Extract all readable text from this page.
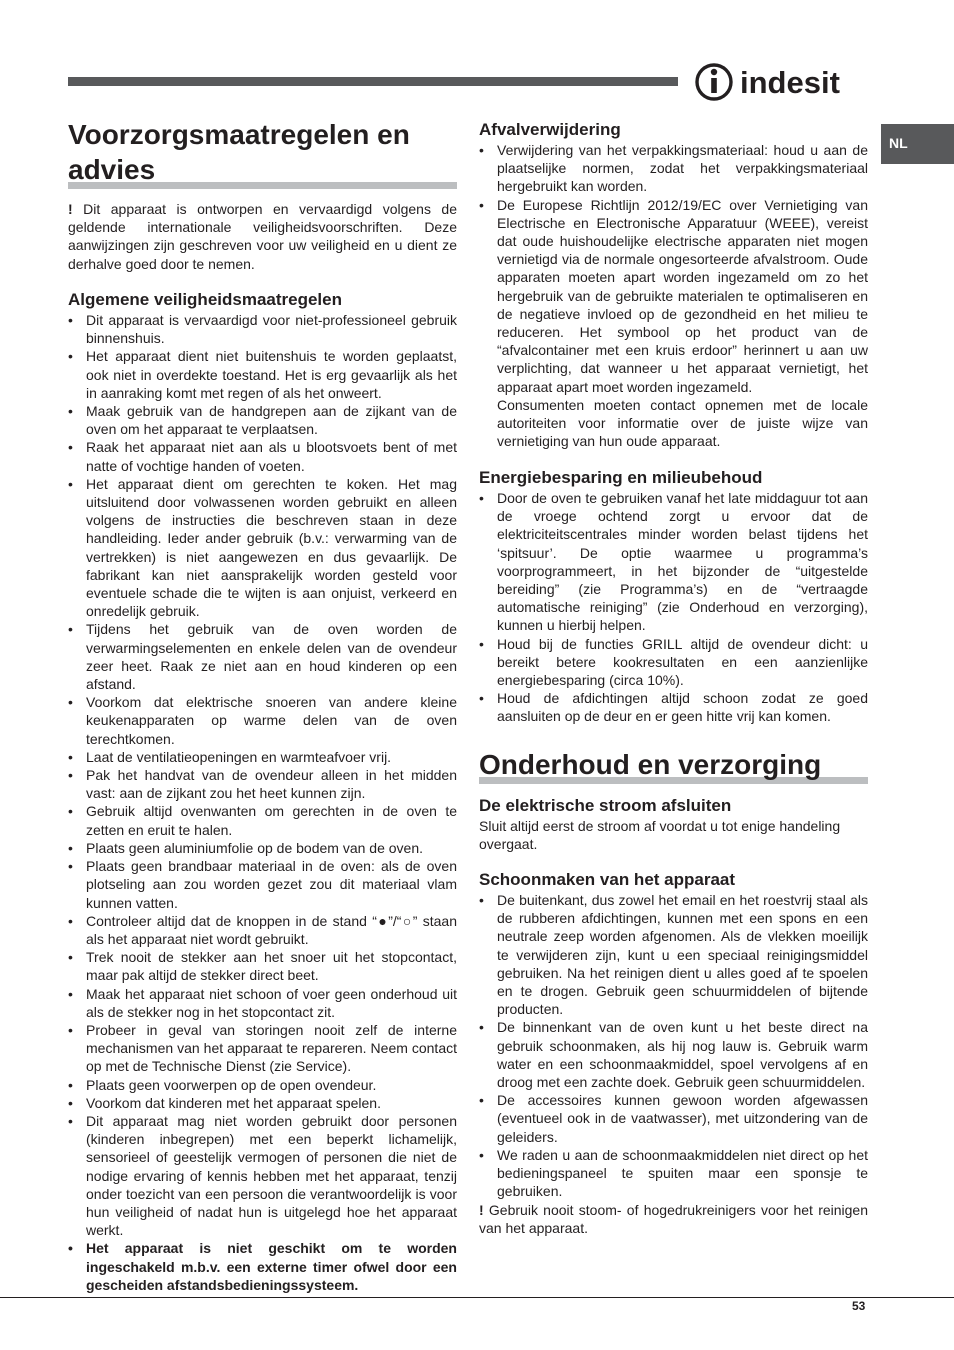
indesit
NL
Voorzorgsmaatregelen en advies

! Dit apparaat is ontworpen en vervaardigd volgens de geldende internationale veiligheidsvoorschriften. Deze aanwijzingen zijn geschreven voor uw veiligheid en u dient ze derhalve goed door te nemen.

Algemene veiligheidsmaatregelen
• Dit apparaat is vervaardigd voor niet-professioneel gebruik binnenshuis.
• Het apparaat dient niet buitenshuis te worden geplaatst, ook niet in overdekte toestand. Het is erg gevaarlijk als het in aanraking komt met regen of als het onweert.
• Maak gebruik van de handgrepen aan de zijkant van de oven om het apparaat te verplaatsen.
• Raak het apparaat niet aan als u blootsvoets bent of met natte of vochtige handen of voeten.
• Het apparaat dient om gerechten te koken. Het mag uitsluitend door volwassenen worden gebruikt en alleen volgens de instructies die beschreven staan in deze handleiding. Ieder ander gebruik (b.v.: verwarming van de vertrekken) is niet aangewezen en dus gevaarlijk. De fabrikant kan niet aansprakelijk worden gesteld voor eventuele schade die te wijten is aan onjuist, verkeerd en onredelijk gebruik.
• Tijdens het gebruik van de oven worden de verwarmingselementen en enkele delen van de ovendeur zeer heet. Raak ze niet aan en houd kinderen op een afstand.
• Voorkom dat elektrische snoeren van andere kleine keukenapparaten op warme delen van de oven terechtkomen.
• Laat de ventilatieopeningen en warmteafvoer vrij.
• Pak het handvat van de ovendeur alleen in het midden vast: aan de zijkant zou het heet kunnen zijn.
• Gebruik altijd ovenwanten om gerechten in de oven te zetten en eruit te halen.
• Plaats geen aluminiumfolie op de bodem van de oven.
• Plaats geen brandbaar materiaal in de oven: als de oven plotseling aan zou worden gezet zou dit materiaal vlam kunnen vatten.
• Controleer altijd dat de knoppen in de stand “●”/“○” staan als het apparaat niet wordt gebruikt.
• Trek nooit de stekker aan het snoer uit het stopcontact, maar pak altijd de stekker direct beet.
• Maak het apparaat niet schoon of voer geen onderhoud uit als de stekker nog in het stopcontact zit.
• Probeer in geval van storingen nooit zelf de interne mechanismen van het apparaat te repareren. Neem contact op met de Technische Dienst (zie Service).
• Plaats geen voorwerpen op de open ovendeur.
• Voorkom dat kinderen met het apparaat spelen.
• Dit apparaat mag niet worden gebruikt door personen (kinderen inbegrepen) met een beperkt lichamelijk, sensorieel of geestelijk vermogen of personen die niet de nodige ervaring of kennis hebben met het apparaat, tenzij onder toezicht van een persoon die verantwoordelijk is voor hun veiligheid of nadat hun is uitgelegd hoe het apparaat werkt.
• Het apparaat is niet geschikt om te worden ingeschakeld m.b.v. een externe timer ofwel door een gescheiden afstandsbedieningssysteem.
Afvalverwijdering
• Verwijdering van het verpakkingsmateriaal: houd u aan de plaatselijke normen, zodat het verpakkingsmateriaal hergebruikt kan worden.
• De Europese Richtlijn 2012/19/EC over Vernietiging van Electrische en Electronische Apparatuur (WEEE), vereist dat oude huishoudelijke electrische apparaten niet mogen vernietigd via de normale ongesorteerde afvalstroom. Oude apparaten moeten apart worden ingezameld om zo het hergebruik van de gebruikte materialen te optimaliseren en de negatieve invloed op de gezondheid en het milieu te reduceren. Het symbool op het product van de “afvalcontainer met een kruis erdoor” herinnert u aan uw verplichting, dat wanneer u het apparaat vernietigt, het apparaat apart moet worden ingezameld.
Consumenten moeten contact opnemen met de locale autoriteiten voor informatie over de juiste wijze van vernietiging van hun oude apparaat.
Energiebesparing en milieubehoud
• Door de oven te gebruiken vanaf het late middaguur tot aan de vroege ochtend zorgt u ervoor dat de elektriciteitscentrales minder worden belast tijdens het ‘spitsuur’. De optie waarmee u programma’s voorprogrammeert, in het bijzonder de “uitgestelde bereiding” (zie Programma’s) en de “vertraagde automatische reiniging” (zie Onderhoud en verzorging), kunnen u hierbij helpen.
• Houd bij de functies GRILL altijd de ovendeur dicht: u bereikt betere kookresultaten en een aanzienlijke energiebesparing (circa 10%).
• Houd de afdichtingen altijd schoon zodat ze goed aansluiten op de deur en er geen hitte vrij kan komen.
Onderhoud en verzorging
De elektrische stroom afsluiten

Sluit altijd eerst de stroom af voordat u tot enige handeling overgaat.

Schoonmaken van het apparaat
• De buitenkant, dus zowel het email en het roestvrij staal als de rubberen afdichtingen, kunnen met een spons en een neutrale zeep worden afgenomen. Als de vlekken moeilijk te verwijderen zijn, kunt u een speciaal reinigingsmiddel gebruiken. Na het reinigen dient u alles goed af te spoelen en te drogen. Gebruik geen schuurmiddelen of bijtende producten.
• De binnenkant van de oven kunt u het beste direct na gebruik schoonmaken, als hij nog lauw is. Gebruik warm water en een schoonmaakmiddel, spoel vervolgens af en droog met een zachte doek. Gebruik geen schuurmiddelen.
• De accessoires kunnen gewoon worden afgewassen (eventueel ook in de vaatwasser), met uitzondering van de geleiders.
• We raden u aan de schoonmaakmiddelen niet direct op het bedieningspaneel te spuiten maar een sponsje te gebruiken.

! Gebruik nooit stoom- of hogedrukreinigers voor het reinigen van het apparaat.

53
